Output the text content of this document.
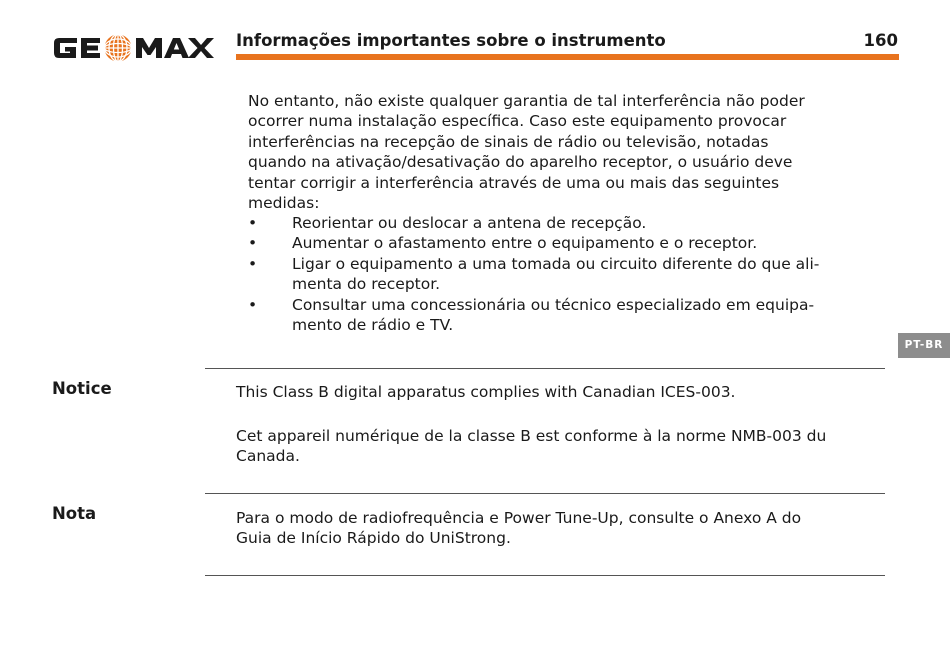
Informações importantes sobre o instrumento	160

No entanto, não existe qualquer garantia de tal interferência não poder
ocorrer numa instalação específica. Caso este equipamento provocar
interferências na recepção de sinais de rádio ou televisão, notadas
quando na ativação/desativação do aparelho receptor, o usuário deve
tentar corrigir a interferência através de uma ou mais das seguintes
medidas:

• Reorientar ou deslocar a antena de recepção.
• Aumentar o afastamento entre o equipamento e o receptor.
• Ligar o equipamento a uma tomada ou circuito diferente do que ali-
menta do receptor.
• Consultar uma concessionária ou técnico especializado em equipa-
mento de rádio e TV.
PT-BR
Notice	This Class B digital apparatus complies with Canadian ICES-003.

Cet appareil numérique de la classe B est conforme à la norme NMB-003 du
Canada.

Nota	Para o modo de radiofrequência e Power Tune-Up, consulte o Anexo A do
Guia de Início Rápido do UniStrong.
